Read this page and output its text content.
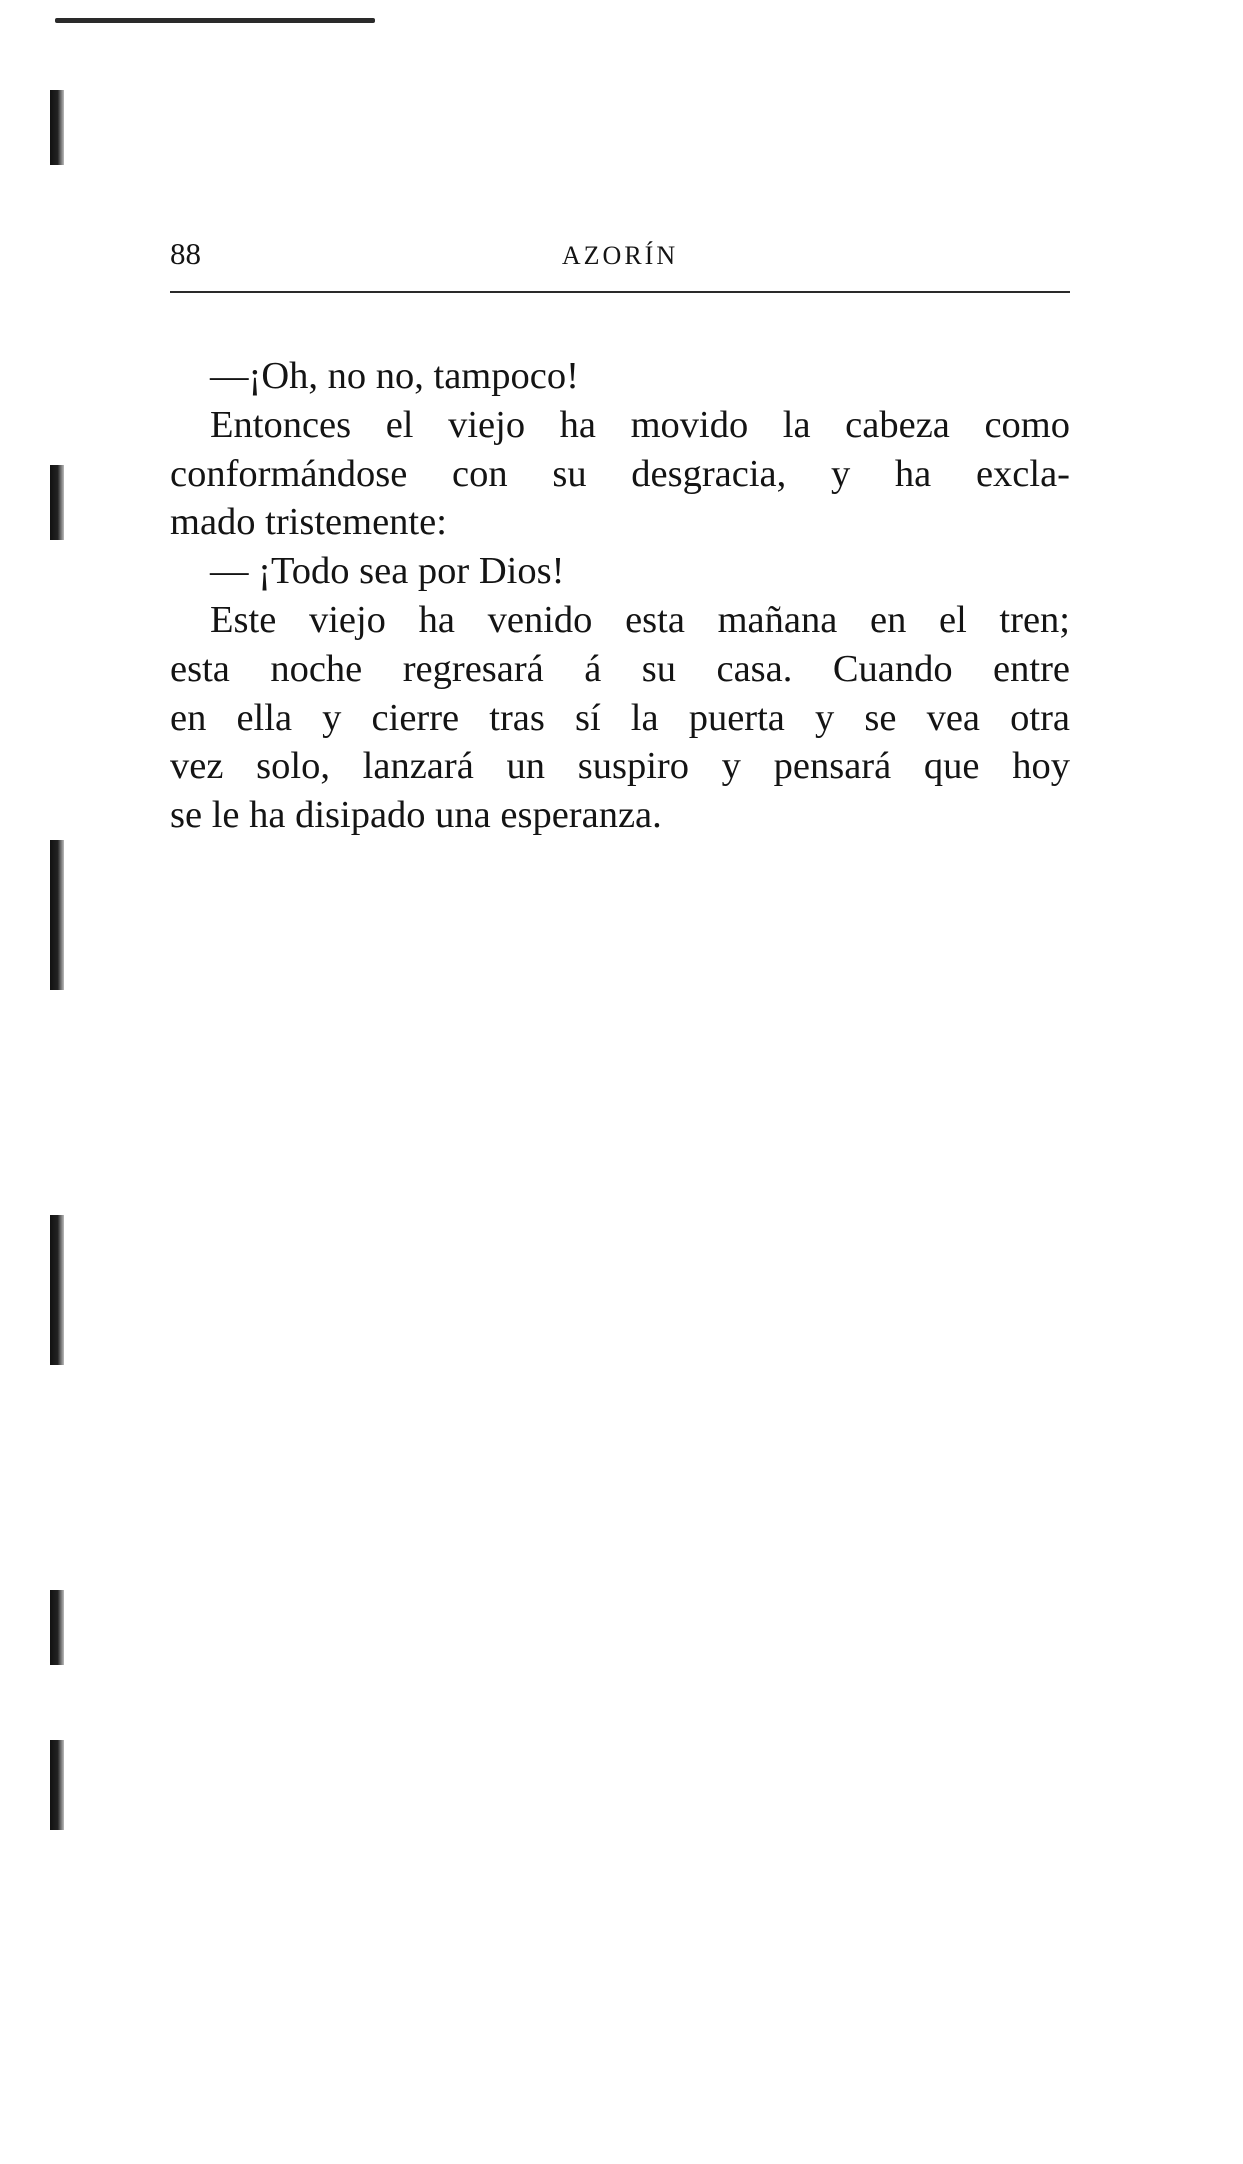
88	AZORÍN
—¡Oh, no no, tampoco!
Entonces el viejo ha movido la cabeza como
conformándose con su desgracia, y ha excla-
mado tristemente:
— ¡Todo sea por Dios!
Este viejo ha venido esta mañana en el tren;
esta noche regresará á su casa. Cuando entre
en ella y cierre tras sí la puerta y se vea otra
vez solo, lanzará un suspiro y pensará que hoy
se le ha disipado una esperanza.
